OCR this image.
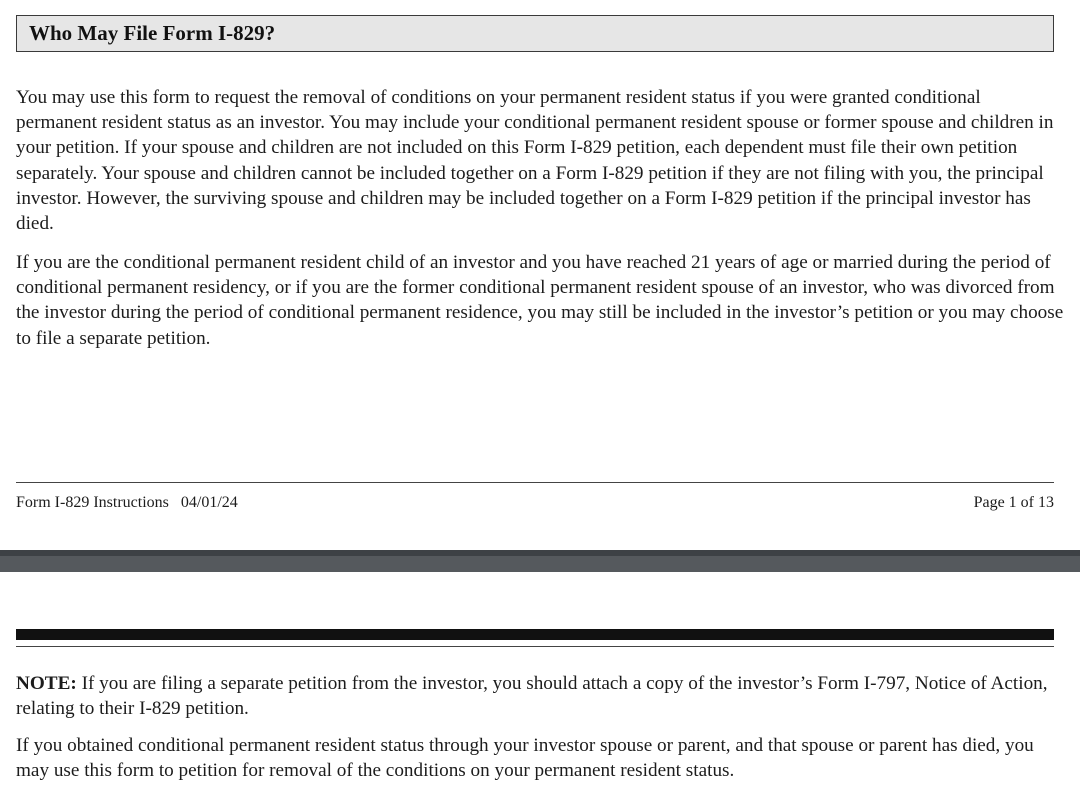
Who May File Form I-829?

You may use this form to request the removal of conditions on your permanent resident status if you were granted conditional permanent resident status as an investor. You may include your conditional permanent resident spouse or former spouse and children in your petition. If your spouse and children are not included on this Form I-829 petition, each dependent must file their own petition separately. Your spouse and children cannot be included together on a Form I-829 petition if they are not filing with you, the principal investor. However, the surviving spouse and children may be included together on a Form I-829 petition if the principal investor has died.

If you are the conditional permanent resident child of an investor and you have reached 21 years of age or married during the period of conditional permanent residency, or if you are the former conditional permanent resident spouse of an investor, who was divorced from the investor during the period of conditional permanent residence, you may still be included in the investor’s petition or you may choose to file a separate petition.

Form I-829 Instructions   04/01/24	Page 1 of 13

NOTE: If you are filing a separate petition from the investor, you should attach a copy of the investor’s Form I-797, Notice of Action, relating to their I-829 petition.

If you obtained conditional permanent resident status through your investor spouse or parent, and that spouse or parent has died, you may use this form to petition for removal of the conditions on your permanent resident status.
